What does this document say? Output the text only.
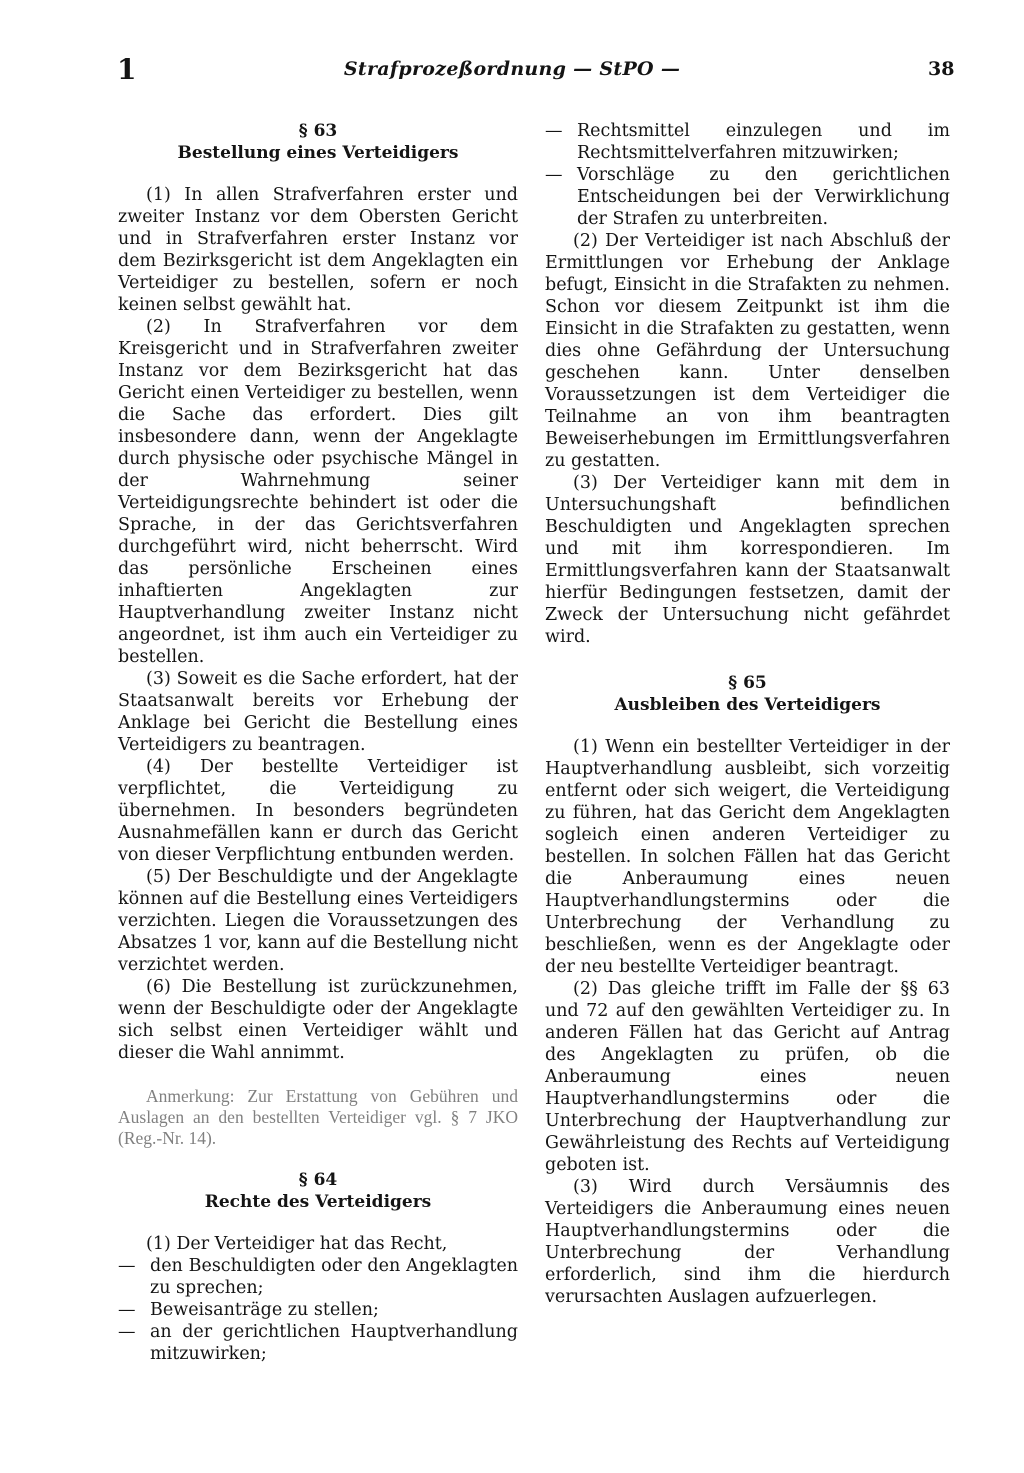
1	Strafprozeßordnung — StPO —	38

§ 63

Bestellung eines Verteidigers

(1) In allen Strafverfahren erster und zweiter Instanz vor dem Obersten Gericht und in Strafverfahren erster Instanz vor dem Bezirksgericht ist dem Angeklagten ein Verteidiger zu bestellen, sofern er noch keinen selbst gewählt hat.

(2) In Strafverfahren vor dem Kreisgericht und in Strafverfahren zweiter Instanz vor dem Bezirksgericht hat das Gericht einen Verteidiger zu bestellen, wenn die Sache das erfordert. Dies gilt insbesondere dann, wenn der Angeklagte durch physische oder psychische Mängel in der Wahrnehmung seiner Verteidigungsrechte behindert ist oder die Sprache, in der das Gerichtsverfahren durchgeführt wird, nicht beherrscht. Wird das persönliche Erscheinen eines inhaftierten Angeklagten zur Hauptverhandlung zweiter Instanz nicht angeordnet, ist ihm auch ein Verteidiger zu bestellen.

(3) Soweit es die Sache erfordert, hat der Staatsanwalt bereits vor Erhebung der Anklage bei Gericht die Bestellung eines Verteidigers zu beantragen.

(4) Der bestellte Verteidiger ist verpflichtet, die Verteidigung zu übernehmen. In besonders begründeten Ausnahmefällen kann er durch das Gericht von dieser Verpflichtung entbunden werden.

(5) Der Beschuldigte und der Angeklagte können auf die Bestellung eines Verteidigers verzichten. Liegen die Voraussetzungen des Absatzes 1 vor, kann auf die Bestellung nicht verzichtet werden.

(6) Die Bestellung ist zurückzunehmen, wenn der Beschuldigte oder der Angeklagte sich selbst einen Verteidiger wählt und dieser die Wahl annimmt.

Anmerkung: Zur Erstattung von Gebühren und Auslagen an den bestellten Verteidiger vgl. § 7 JKO (Reg.-Nr. 14).

§ 64

Rechte des Verteidigers

(1) Der Verteidiger hat das Recht,

— den Beschuldigten oder den Angeklagten zu sprechen;
— Beweisanträge zu stellen;
— an der gerichtlichen Hauptverhandlung mitzuwirken;
— Rechtsmittel einzulegen und im Rechtsmittelverfahren mitzuwirken;
— Vorschläge zu den gerichtlichen Entscheidungen bei der Verwirklichung der Strafen zu unterbreiten.

(2) Der Verteidiger ist nach Abschluß der Ermittlungen vor Erhebung der Anklage befugt, Einsicht in die Strafakten zu nehmen. Schon vor diesem Zeitpunkt ist ihm die Einsicht in die Strafakten zu gestatten, wenn dies ohne Gefährdung der Untersuchung geschehen kann. Unter denselben Voraussetzungen ist dem Verteidiger die Teilnahme an von ihm beantragten Beweiserhebungen im Ermittlungsverfahren zu gestatten.

(3) Der Verteidiger kann mit dem in Untersuchungshaft befindlichen Beschuldigten und Angeklagten sprechen und mit ihm korrespondieren. Im Ermittlungsverfahren kann der Staatsanwalt hierfür Bedingungen festsetzen, damit der Zweck der Untersuchung nicht gefährdet wird.

§ 65

Ausbleiben des Verteidigers

(1) Wenn ein bestellter Verteidiger in der Hauptverhandlung ausbleibt, sich vorzeitig entfernt oder sich weigert, die Verteidigung zu führen, hat das Gericht dem Angeklagten sogleich einen anderen Verteidiger zu bestellen. In solchen Fällen hat das Gericht die Anberaumung eines neuen Hauptverhandlungstermins oder die Unterbrechung der Verhandlung zu beschließen, wenn es der Angeklagte oder der neu bestellte Verteidiger beantragt.

(2) Das gleiche trifft im Falle der §§ 63 und 72 auf den gewählten Verteidiger zu. In anderen Fällen hat das Gericht auf Antrag des Angeklagten zu prüfen, ob die Anberaumung eines neuen Hauptverhandlungstermins oder die Unterbrechung der Hauptverhandlung zur Gewährleistung des Rechts auf Verteidigung geboten ist.

(3) Wird durch Versäumnis des Verteidigers die Anberaumung eines neuen Hauptverhandlungstermins oder die Unterbrechung der Verhandlung erforderlich, sind ihm die hierdurch verursachten Auslagen aufzuerlegen.
